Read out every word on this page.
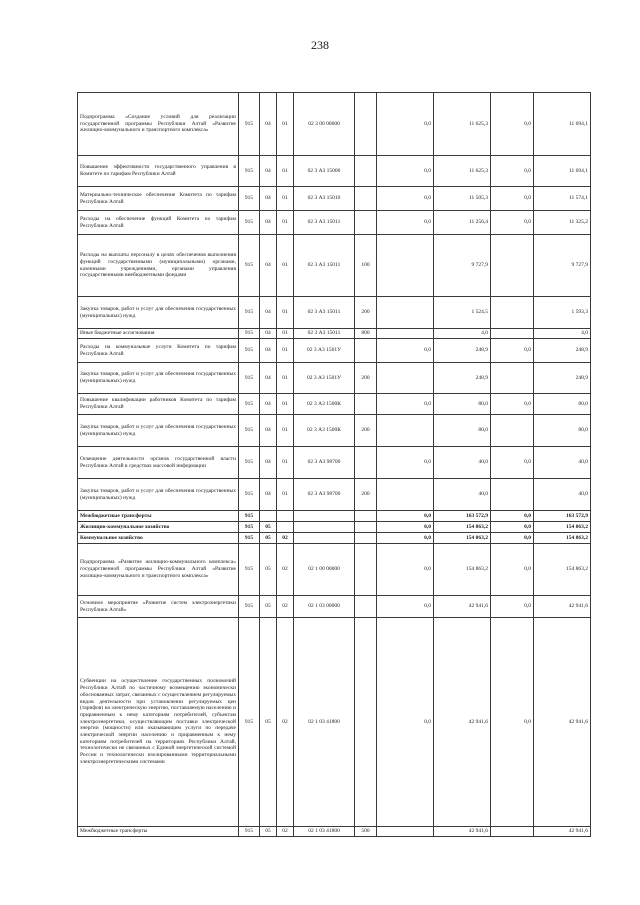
238
Подпрограмма «Создание условий для реализации государственной программы Республики Алтай «Развитие жилищно-коммунального и транспортного комплекса»	915	04	01	02 3 00 00000		0,0	11 625,3	0,0	11 694,1
Повышение эффективности государственного управления в Комитете по тарифам Республики Алтай	915	04	01	02 3 А3 15000		0,0	11 625,3	0,0	11 694,1
Материально-техническое обеспечение Комитета по тарифам Республики Алтай	915	04	01	02 3 А3 15010		0,0	11 505,3	0,0	11 574,1
Расходы на обеспечение функций Комитета по тарифам Республики Алтай	915	04	01	02 3 А3 15011		0,0	11 256,4	0,0	11 325,2
Расходы на выплаты персоналу в целях обеспечения выполнения функций государственными (муниципальными) органами, казенными учреждениями, органами управления государственными внебюджетными фондами	915	04	01	02 3 А3 15011	100		9 727,9		9 727,9
Закупка товаров, работ и услуг для обеспечения государственных (муниципальных) нужд	915	04	01	02 3 А3 15011	200		1 524,5		1 593,3
Иные бюджетные ассигнования	915	04	01	02 3 А3 15011	800		4,0		4,0
Расходы на коммунальные услуги Комитета по тарифам Республики Алтай	915	04	01	02 3 А3 1501У		0,0	248,9	0,0	248,9
Закупка товаров, работ и услуг для обеспечения государственных (муниципальных) нужд	915	04	01	02 3 А3 1501У	200		248,9		248,9
Повышение квалификации работников Комитета по тарифам Республики Алтай	915	04	01	02 3 А3 1500К		0,0	80,0	0,0	80,0
Закупка товаров, работ и услуг для обеспечения государственных (муниципальных) нужд	915	04	01	02 3 А3 1500К	200		80,0		80,0
Освещение деятельности органов государственной власти Республики Алтай в средствах массовой информации	915	04	01	02 3 А3 98700		0,0	40,0	0,0	40,0
Закупка товаров, работ и услуг для обеспечения государственных (муниципальных) нужд	915	04	01	02 3 А3 98700	200		40,0		40,0
Межбюджетные трансферты	915					0,0	163 572,9	0,0	163 572,9
Жилищно-коммунальное хозяйство	915	05				0,0	154 863,2	0,0	154 863,2
Коммунальное хозяйство	915	05	02			0,0	154 863,2	0,0	154 863,2
Подпрограмма «Развитие жилищно-коммунального комплекса» государственной программы Республики Алтай «Развитие жилищно-коммунального и транспортного комплекса»	915	05	02	02 1 00 00000		0,0	154 863,2	0,0	154 863,2
Основное мероприятие «Развитие систем электроэнергетики Республики Алтай»	915	05	02	02 1 03 00000		0,0	42 941,6	0,0	42 941,6
Субвенции на осуществление государственных полномочий Республики Алтай по частичному возмещению экономически обоснованных затрат, связанных с осуществлением регулируемых видов деятельности при установлении регулируемых цен (тарифов) на электрическую энергию, поставляемую населению и приравненным к нему категориям потребителей, субъектам электроэнергетики, осуществляющим поставки электрической энергии (мощности) или оказывающим услуги по передаче электрической энергии населению и приравненным к нему категориям потребителей на территориях Республики Алтай, технологически не связанных с Единой энергетической системой России и технологически изолированными территориальными электроэнергетическими системами	915	05	02	02 1 03 41800		0,0	42 941,6	0,0	42 941,6
Межбюджетные трансферты	915	05	02	02 1 03 41800	500		42 941,6		42 941,6
